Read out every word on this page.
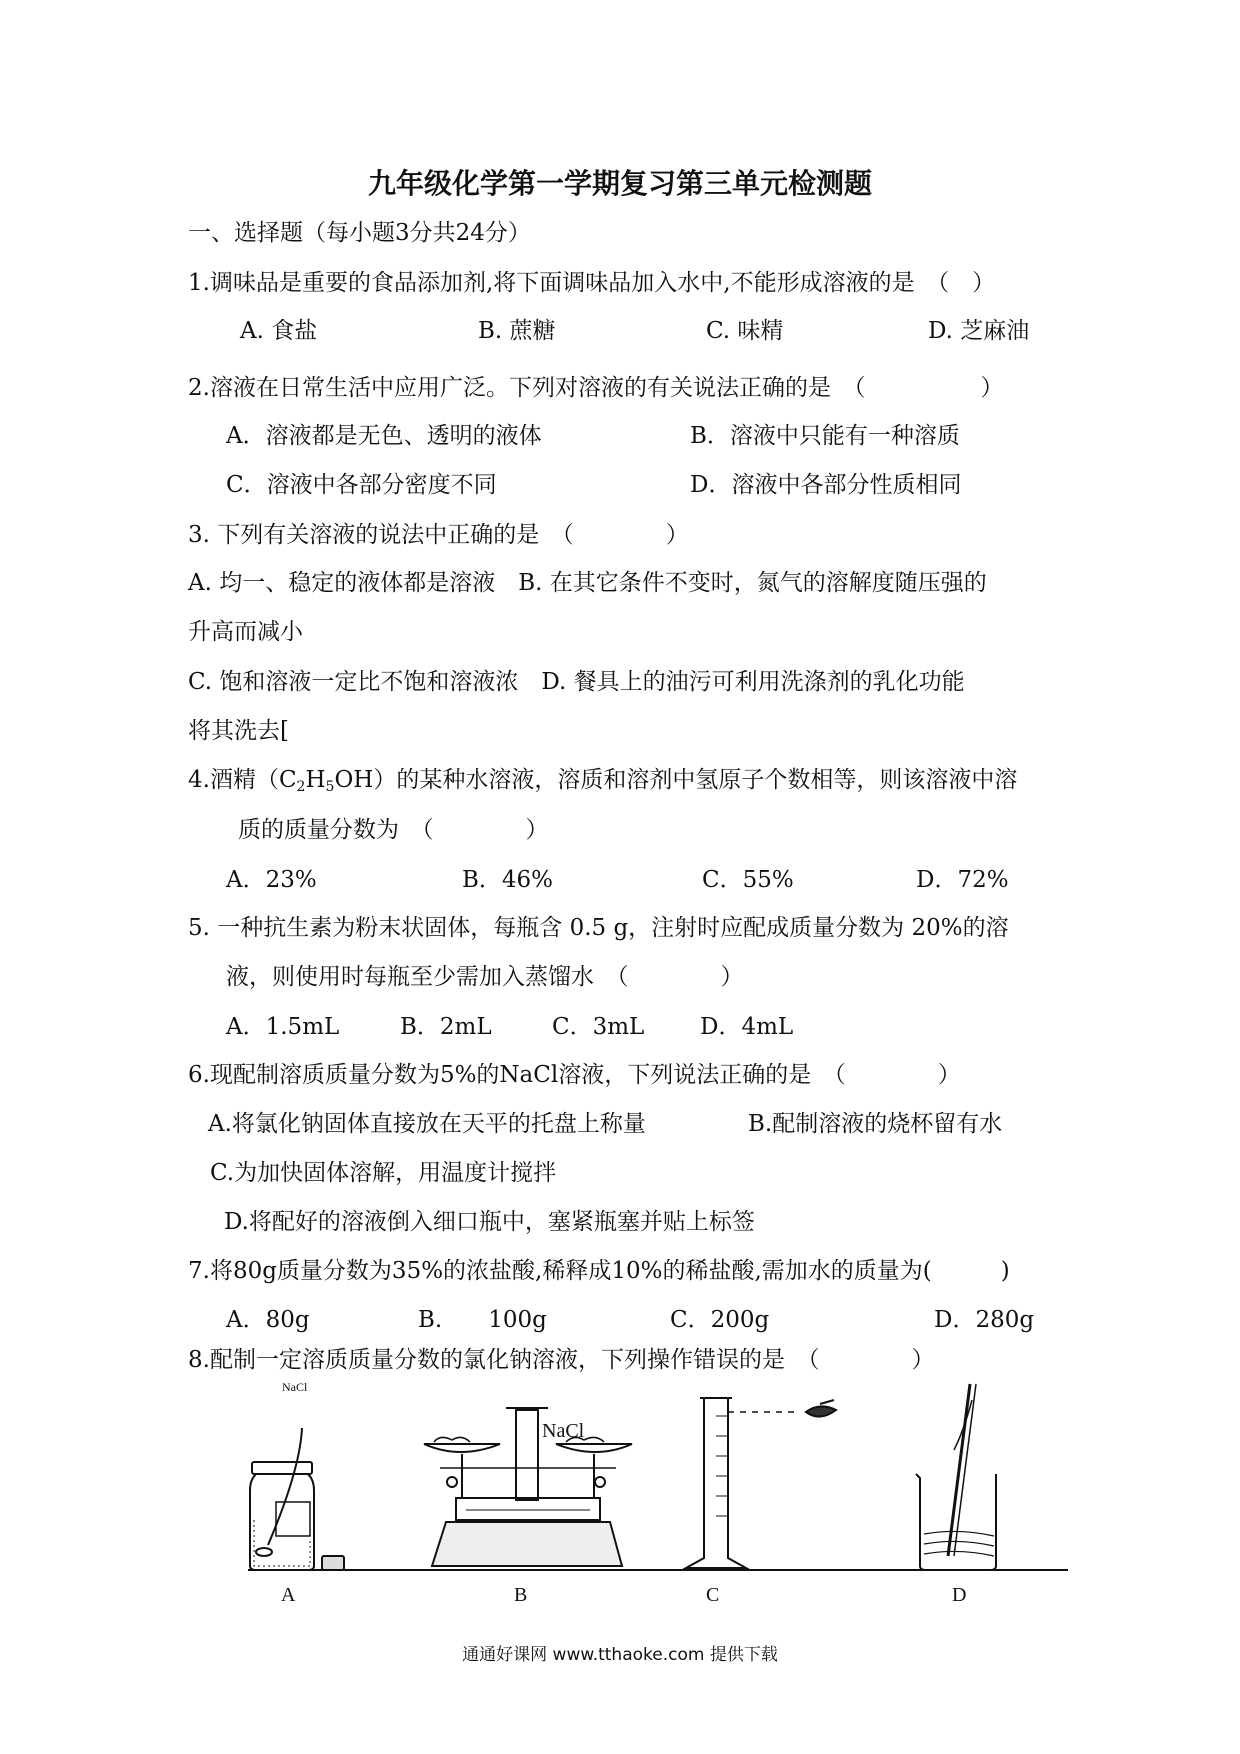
九年级化学第一学期复习第三单元检测题
一、选择题（每小题3分共24分）
1.调味品是重要的食品添加剂,将下面调味品加入水中,不能形成溶液的是　（　）
A. 食盐	B. 蔗糖	C. 味精	D. 芝麻油
2.溶液在日常生活中应用广泛。下列对溶液的有关说法正确的是　（　　　　　）
A．溶液都是无色、透明的液体	B．溶液中只能有一种溶质
C．溶液中各部分密度不同	D．溶液中各部分性质相同
3. 下列有关溶液的说法中正确的是　（　　　　）
A. 均一、稳定的液体都是溶液　B. 在其它条件不变时，氮气的溶解度随压强的
升高而减小
C. 饱和溶液一定比不饱和溶液浓　D. 餐具上的油污可利用洗涤剂的乳化功能
将其洗去[
4.酒精$(C_2H_5OH)$的某种水溶液，溶质和溶剂中氢原子个数相等，则该溶液中溶
质的质量分数为　（　　　　）
A．23%	B．46%	C．55%	D．72%
5. 一种抗生素为粉末状固体，每瓶含 0.5 g，注射时应配成质量分数为 20%的溶
液，则使用时每瓶至少需加入蒸馏水　（　　　　）
A．1.5mL	B．2mL	C．3mL D．4mL
6.现配制溶质质量分数为5%的NaCl溶液，下列说法正确的是　（　　　　）
A.将氯化钠固体直接放在天平的托盘上称量	B.配制溶液的烧杯留有水
C.为加快固体溶解，用温度计搅拌
D.将配好的溶液倒入细口瓶中，塞紧瓶塞并贴上标签
7.将80g质量分数为35%的浓盐酸,稀释成10%的稀盐酸,需加水的质量为(　　　)
A．80g	B.　　100g	C．200g	D．280g
8.配制一定溶质质量分数的氯化钠溶液，下列操作错误的是　（　　　　）
NaCl
NaCl
A	B	C	D
通通好课网 www.tthaoke.com 提供下载
